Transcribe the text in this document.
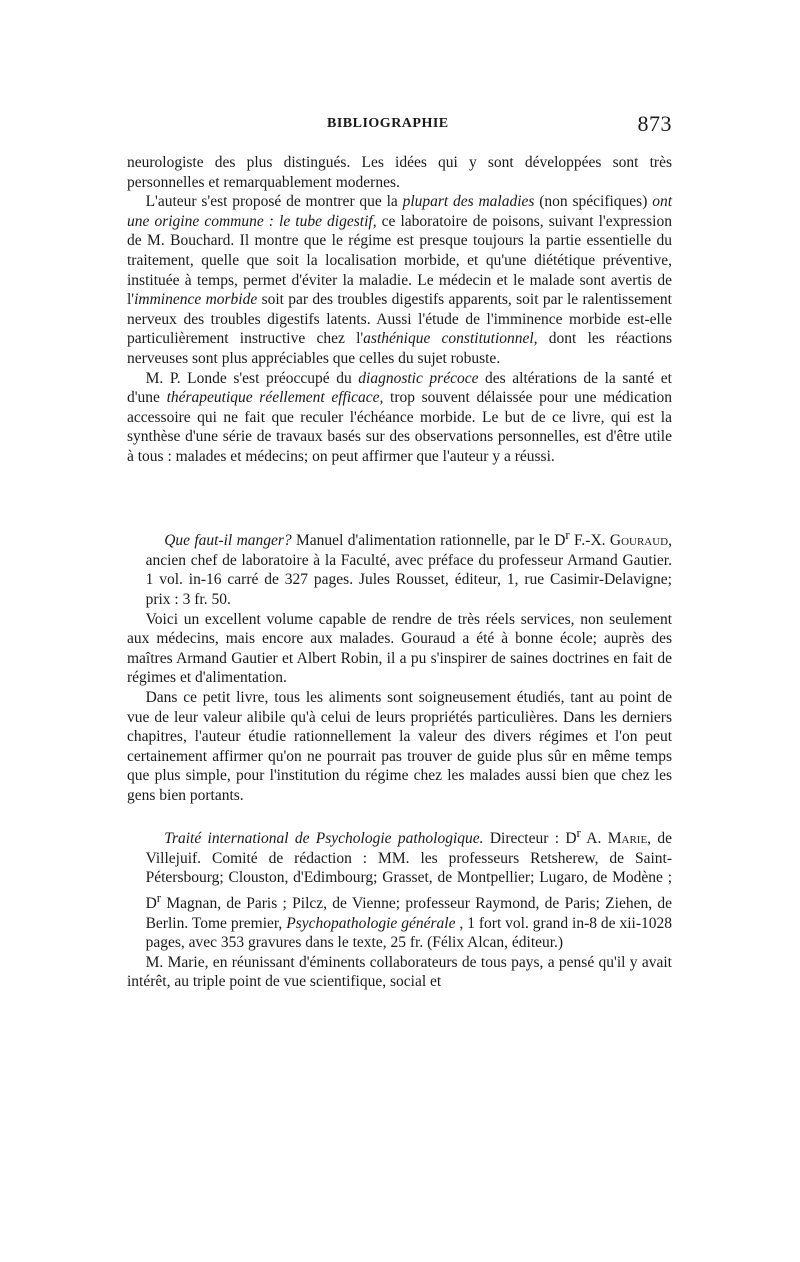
BIBLIOGRAPHIE	873

neurologiste des plus distingués. Les idées qui y sont développées sont très personnelles et remarquablement modernes.

L'auteur s'est proposé de montrer que la plupart des maladies (non spécifiques) ont une origine commune : le tube digestif, ce laboratoire de poisons, suivant l'expression de M. Bouchard. Il montre que le régime est presque toujours la partie essentielle du traitement, quelle que soit la localisation morbide, et qu'une diététique préventive, instituée à temps, permet d'éviter la maladie. Le médecin et le malade sont avertis de l'imminence morbide soit par des troubles digestifs apparents, soit par le ralentissement nerveux des troubles digestifs latents. Aussi l'étude de l'imminence morbide est-elle particulièrement instructive chez l'asthénique constitutionnel, dont les réactions nerveuses sont plus appréciables que celles du sujet robuste.

M. P. Londe s'est préoccupé du diagnostic précoce des altérations de la santé et d'une thérapeutique réellement efficace, trop souvent délaissée pour une médication accessoire qui ne fait que reculer l'échéance morbide. Le but de ce livre, qui est la synthèse d'une série de travaux basés sur des observations personnelles, est d'être utile à tous : malades et médecins; on peut affirmer que l'auteur y a réussi.

Que faut-il manger? Manuel d'alimentation rationnelle, par le $D^r$ F.-X. Gouraud, ancien chef de laboratoire à la Faculté, avec préface du professeur Armand Gautier. 1 vol. in-16 carré de 327 pages. Jules Rousset, éditeur, 1, rue Casimir-Delavigne; prix : 3 fr. 50.

Voici un excellent volume capable de rendre de très réels services, non seulement aux médecins, mais encore aux malades. Gouraud a été à bonne école; auprès des maîtres Armand Gautier et Albert Robin, il a pu s'inspirer de saines doctrines en fait de régimes et d'alimentation.

Dans ce petit livre, tous les aliments sont soigneusement étudiés, tant au point de vue de leur valeur alibile qu'à celui de leurs propriétés particulières. Dans les derniers chapitres, l'auteur étudie rationnellement la valeur des divers régimes et l'on peut certainement affirmer qu'on ne pourrait pas trouver de guide plus sûr en même temps que plus simple, pour l'institution du régime chez les malades aussi bien que chez les gens bien portants.

Traité international de Psychologie pathologique. Directeur : $D^r$ A. Marie, de Villejuif. Comité de rédaction : MM. les professeurs Retsherew, de Saint-Pétersbourg; Clouston, d'Edimbourg; Grasset, de Montpellier; Lugaro, de Modène ; $D^r$ Magnan, de Paris ; Pilcz, de Vienne; professeur Raymond, de Paris; Ziehen, de Berlin. Tome premier, Psychopathologie générale , 1 fort vol. grand in-8 de xii-1028 pages, avec 353 gravures dans le texte, 25 fr. (Félix Alcan, éditeur.)

M. Marie, en réunissant d'éminents collaborateurs de tous pays, a pensé qu'il y avait intérêt, au triple point de vue scientifique, social et
